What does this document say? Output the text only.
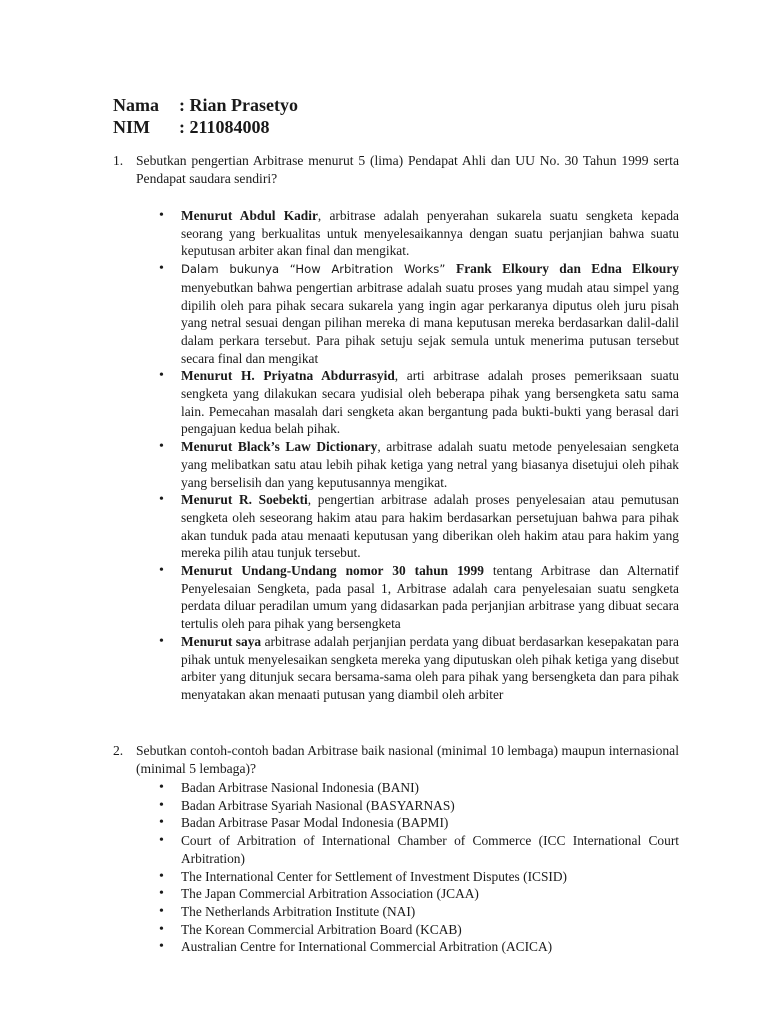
Nama : Rian Prasetyo
NIM : 211084008
1. Sebutkan pengertian Arbitrase menurut 5 (lima) Pendapat Ahli dan UU No. 30 Tahun 1999 serta Pendapat saudara sendiri?
• Menurut Abdul Kadir, arbitrase adalah penyerahan sukarela suatu sengketa kepada seorang yang berkualitas untuk menyelesaikannya dengan suatu perjanjian bahwa suatu keputusan arbiter akan final dan mengikat.
• Dalam bukunya “How Arbitration Works” Frank Elkoury dan Edna Elkoury menyebutkan bahwa pengertian arbitrase adalah suatu proses yang mudah atau simpel yang dipilih oleh para pihak secara sukarela yang ingin agar perkaranya diputus oleh juru pisah yang netral sesuai dengan pilihan mereka di mana keputusan mereka berdasarkan dalil-dalil dalam perkara tersebut. Para pihak setuju sejak semula untuk menerima putusan tersebut secara final dan mengikat
• Menurut H. Priyatna Abdurrasyid, arti arbitrase adalah proses pemeriksaan suatu sengketa yang dilakukan secara yudisial oleh beberapa pihak yang bersengketa satu sama lain. Pemecahan masalah dari sengketa akan bergantung pada bukti-bukti yang berasal dari pengajuan kedua belah pihak.
• Menurut Black’s Law Dictionary, arbitrase adalah suatu metode penyelesaian sengketa yang melibatkan satu atau lebih pihak ketiga yang netral yang biasanya disetujui oleh pihak yang berselisih dan yang keputusannya mengikat.
• Menurut R. Soebekti, pengertian arbitrase adalah proses penyelesaian atau pemutusan sengketa oleh seseorang hakim atau para hakim berdasarkan persetujuan bahwa para pihak akan tunduk pada atau menaati keputusan yang diberikan oleh hakim atau para hakim yang mereka pilih atau tunjuk tersebut.
• Menurut Undang-Undang nomor 30 tahun 1999 tentang Arbitrase dan Alternatif Penyelesaian Sengketa, pada pasal 1, Arbitrase adalah cara penyelesaian suatu sengketa perdata diluar peradilan umum yang didasarkan pada perjanjian arbitrase yang dibuat secara tertulis oleh para pihak yang bersengketa
• Menurut saya arbitrase adalah perjanjian perdata yang dibuat berdasarkan kesepakatan para pihak untuk menyelesaikan sengketa mereka yang diputuskan oleh pihak ketiga yang disebut arbiter yang ditunjuk secara bersama-sama oleh para pihak yang bersengketa dan para pihak menyatakan akan menaati putusan yang diambil oleh arbiter
2. Sebutkan contoh-contoh badan Arbitrase baik nasional (minimal 10 lembaga) maupun internasional (minimal 5 lembaga)?
• Badan Arbitrase Nasional Indonesia (BANI)
• Badan Arbitrase Syariah Nasional (BASYARNAS)
• Badan Arbitrase Pasar Modal Indonesia (BAPMI)
• Court of Arbitration of International Chamber of Commerce (ICC International Court Arbitration)
• The International Center for Settlement of Investment Disputes (ICSID)
• The Japan Commercial Arbitration Association (JCAA)
• The Netherlands Arbitration Institute (NAI)
• The Korean Commercial Arbitration Board (KCAB)
• Australian Centre for International Commercial Arbitration (ACICA)
